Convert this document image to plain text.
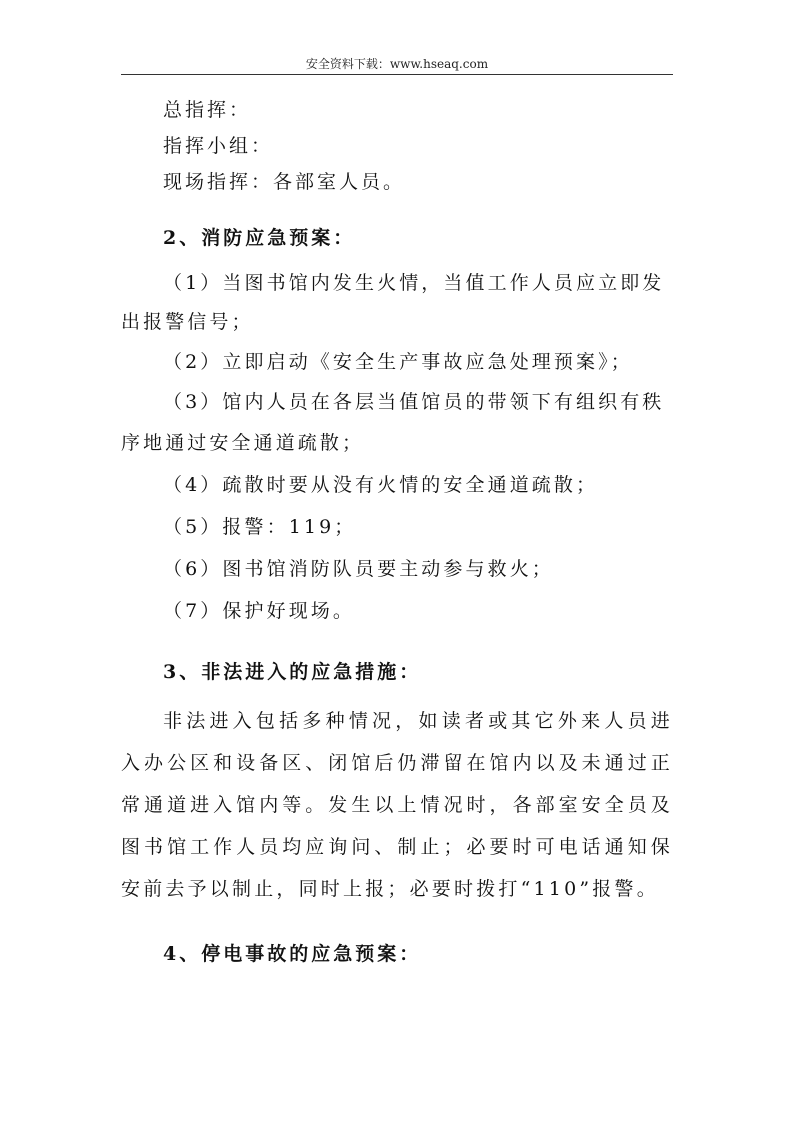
安全资料下载：www.hseaq.com
总指挥：
指挥小组：
现场指挥：各部室人员。
2、消防应急预案：

（1）当图书馆内发生火情，当值工作人员应立即发出报警信号；

（2）立即启动《安全生产事故应急处理预案》；

（3）馆内人员在各层当值馆员的带领下有组织有秩序地通过安全通道疏散；

（4）疏散时要从没有火情的安全通道疏散；

（5）报警：119；

（6）图书馆消防队员要主动参与救火；

（7）保护好现场。

3、非法进入的应急措施：

非法进入包括多种情况，如读者或其它外来人员进入办公区和设备区、闭馆后仍滞留在馆内以及未通过正常通道进入馆内等。发生以上情况时，各部室安全员及图书馆工作人员均应询问、制止；必要时可电话通知保安前去予以制止，同时上报；必要时拨打“110”报警。

4、停电事故的应急预案：
